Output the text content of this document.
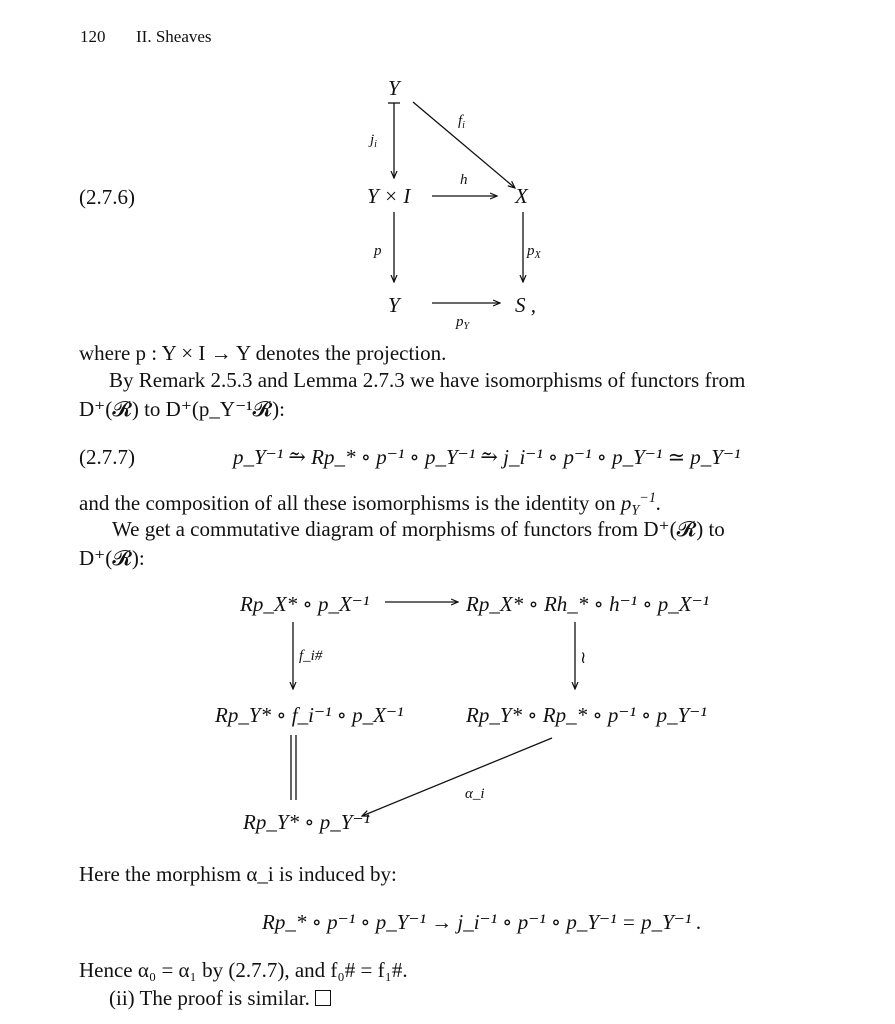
120 II. Sheaves
(2.7.6)
Y
Y × I	X
Y	S ,
$j_i$
$f_i$
h
p	$p_X$
$p_Y$
where p : Y × I → Y denotes the projection.
By Remark 2.5.3 and Lemma 2.7.3 we have isomorphisms of functors from
D⁺(𝓡) to D⁺(p_Y⁻¹𝓡):
(2.7.7)	p_Y⁻¹ ⥲ Rp_* ∘ p⁻¹ ∘ p_Y⁻¹ ⥲ j_i⁻¹ ∘ p⁻¹ ∘ p_Y⁻¹ ≃ p_Y⁻¹
and the composition of all these isomorphisms is the identity on $p_Y^{-1}$.
We get a commutative diagram of morphisms of functors from D⁺(𝓡) to
D⁺(𝓡):
Rp_X* ∘ p_X⁻¹	Rp_X* ∘ Rh_* ∘ h⁻¹ ∘ p_X⁻¹
Rp_Y* ∘ f_i⁻¹ ∘ p_X⁻¹	Rp_Y* ∘ Rp_* ∘ p⁻¹ ∘ p_Y⁻¹
Rp_Y* ∘ p_Y⁻¹
f_i#	≀
α_i
Here the morphism α_i is induced by:
Rp_* ∘ p⁻¹ ∘ p_Y⁻¹ → j_i⁻¹ ∘ p⁻¹ ∘ p_Y⁻¹ = p_Y⁻¹ .
Hence α₀ = α₁ by (2.7.7), and f₀# = f₁#.
(ii) The proof is similar.
